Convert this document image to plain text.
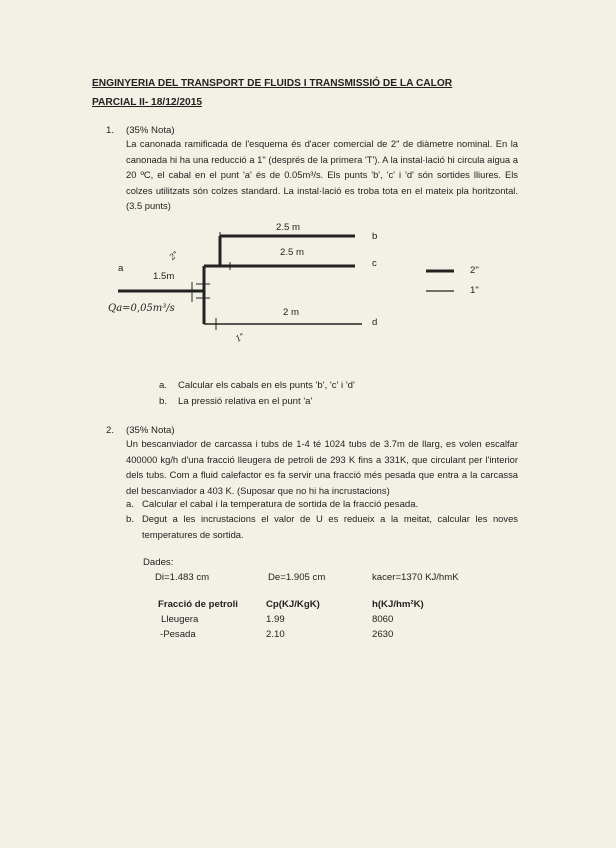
ENGINYERIA DEL TRANSPORT DE FLUIDS I TRANSMISSIÓ DE LA CALOR
PARCIAL II- 18/12/2015
1. (35% Nota)
La canonada ramificada de l'esquema és d'acer comercial de 2" de diàmetre nominal. En la canonada hi ha una reducció a 1" (després de la primera 'T'). A la instal·lació hi circula aigua a 20 ºC, el cabal en el punt 'a' és de 0.05m³/s. Els punts 'b', 'c' i 'd' són sortides lliures. Els colzes utilitzats són colzes standard. La instal·lació es troba tota en el mateix pla horitzontal. (3.5 punts)
2.5 m
2.5 m
1.5m
2 m
a
b
c
d
2"
1"
Qa=0,05m³/s
2"
1"
a. Calcular els cabals en els punts 'b', 'c' i 'd'
b. La pressió relativa en el punt 'a'
2. (35% Nota)
Un bescanviador de carcassa i tubs de 1-4 té 1024 tubs de 3.7m de llarg, es volen escalfar 400000 kg/h d'una fracció lleugera de petroli de 293 K fins a 331K, que circulant per l'interior dels tubs. Com a fluid calefactor es fa servir una fracció més pesada que entra a la carcassa del bescanviador a 403 K. (Suposar que no hi ha incrustacions)
a. Calcular el cabal i la temperatura de sortida de la fracció pesada.
b. Degut a les incrustacions el valor de U es redueix a la meitat, calcular les noves temperatures de sortida.
Dades:
Di=1.483 cm	De=1.905 cm	kacer=1370 KJ/hmK
Fracció de petroli	Cp(KJ/KgK)	h(KJ/hm²K)
Lleugera	1.99	8060
-Pesada	2.10	2630
